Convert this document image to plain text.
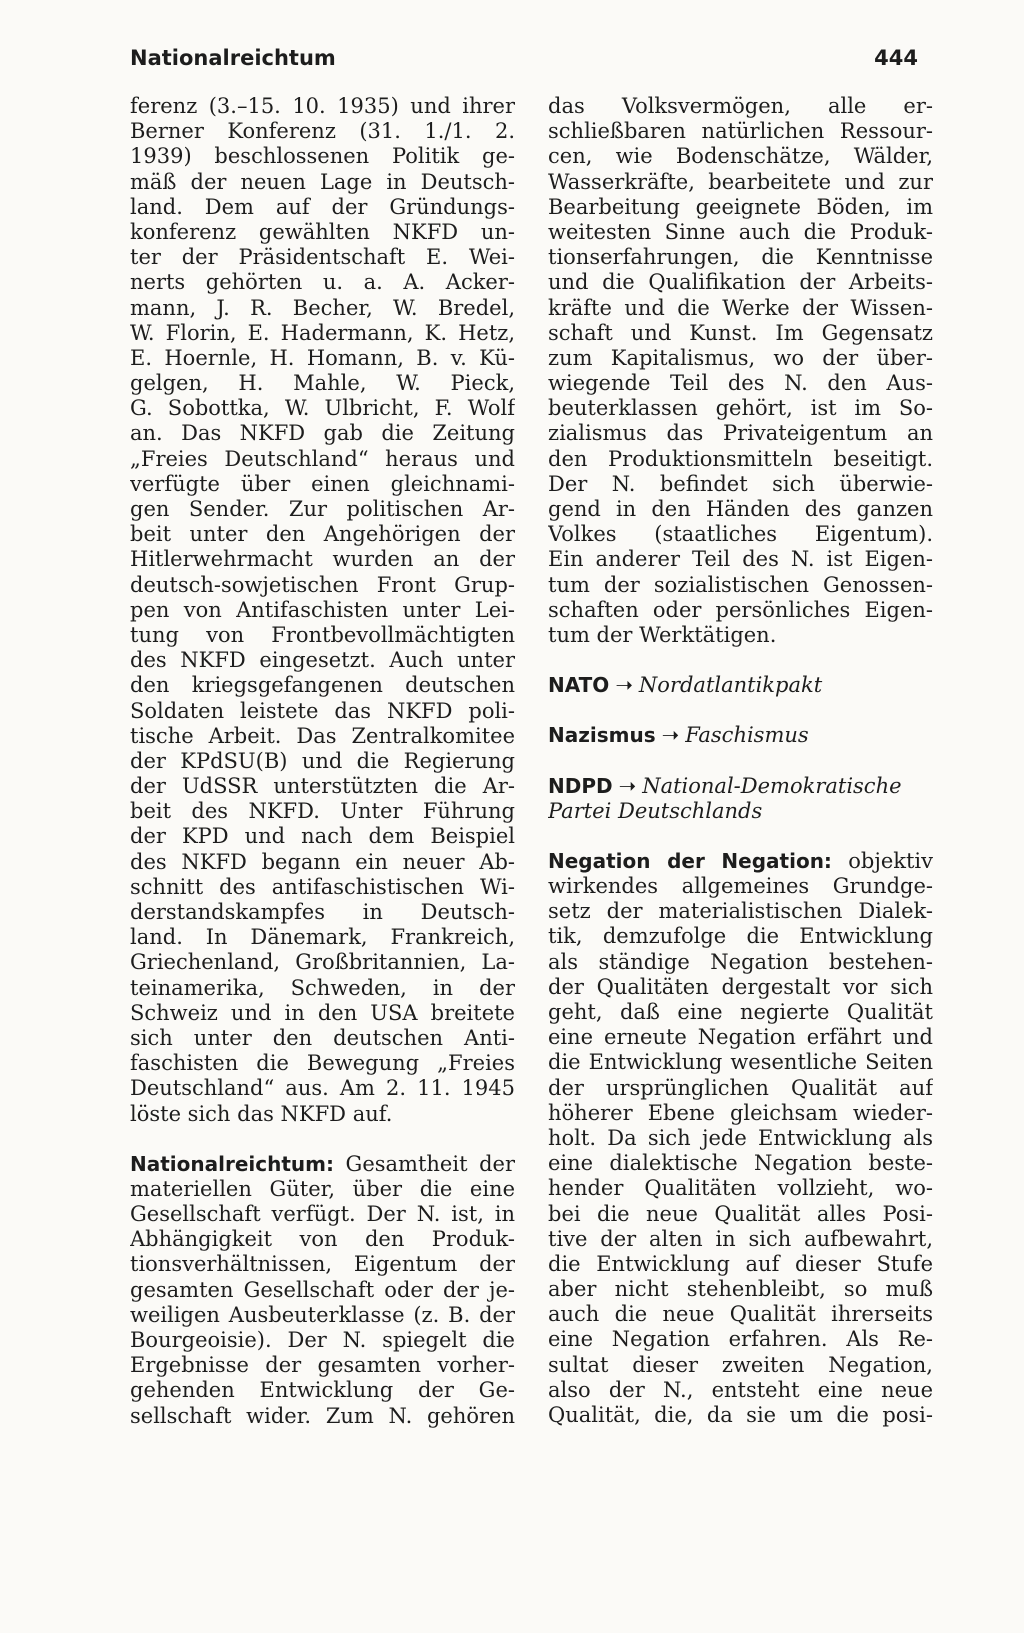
Nationalreichtum	444
ferenz (3.–15. 10. 1935) und ihrer
Berner Konferenz (31. 1./1. 2.
1939) beschlossenen Politik ge-
mäß der neuen Lage in Deutsch-
land. Dem auf der Gründungs-
konferenz gewählten NKFD un-
ter der Präsidentschaft E. Wei-
nerts gehörten u. a. A. Acker-
mann, J. R. Becher, W. Bredel,
W. Florin, E. Hadermann, K. Hetz,
E. Hoernle, H. Homann, B. v. Kü-
gelgen, H. Mahle, W. Pieck,
G. Sobottka, W. Ulbricht, F. Wolf
an. Das NKFD gab die Zeitung
„Freies Deutschland“ heraus und
verfügte über einen gleichnami-
gen Sender. Zur politischen Ar-
beit unter den Angehörigen der
Hitlerwehrmacht wurden an der
deutsch-sowjetischen Front Grup-
pen von Antifaschisten unter Lei-
tung von Frontbevollmächtigten
des NKFD eingesetzt. Auch unter
den kriegsgefangenen deutschen
Soldaten leistete das NKFD poli-
tische Arbeit. Das Zentralkomitee
der KPdSU(B) und die Regierung
der UdSSR unterstützten die Ar-
beit des NKFD. Unter Führung
der KPD und nach dem Beispiel
des NKFD begann ein neuer Ab-
schnitt des antifaschistischen Wi-
derstandskampfes in Deutsch-
land. In Dänemark, Frankreich,
Griechenland, Großbritannien, La-
teinamerika, Schweden, in der
Schweiz und in den USA breitete
sich unter den deutschen Anti-
faschisten die Bewegung „Freies
Deutschland“ aus. Am 2. 11. 1945
löste sich das NKFD auf.
Nationalreichtum: Gesamtheit der
materiellen Güter, über die eine
Gesellschaft verfügt. Der N. ist, in
Abhängigkeit von den Produk-
tionsverhältnissen, Eigentum der
gesamten Gesellschaft oder der je-
weiligen Ausbeuterklasse (z. B. der
Bourgeoisie). Der N. spiegelt die
Ergebnisse der gesamten vorher-
gehenden Entwicklung der Ge-
sellschaft wider. Zum N. gehören
das Volksvermögen, alle er-
schließbaren natürlichen Ressour-
cen, wie Bodenschätze, Wälder,
Wasserkräfte, bearbeitete und zur
Bearbeitung geeignete Böden, im
weitesten Sinne auch die Produk-
tionserfahrungen, die Kenntnisse
und die Qualifikation der Arbeits-
kräfte und die Werke der Wissen-
schaft und Kunst. Im Gegensatz
zum Kapitalismus, wo der über-
wiegende Teil des N. den Aus-
beuterklassen gehört, ist im So-
zialismus das Privateigentum an
den Produktionsmitteln beseitigt.
Der N. befindet sich überwie-
gend in den Händen des ganzen
Volkes (staatliches Eigentum).
Ein anderer Teil des N. ist Eigen-
tum der sozialistischen Genossen-
schaften oder persönliches Eigen-
tum der Werktätigen.
NATO ➝ Nordatlantikpakt
Nazismus ➝ Faschismus
NDPD ➝ National-Demokratische
Partei Deutschlands
Negation der Negation: objektiv
wirkendes allgemeines Grundge-
setz der materialistischen Dialek-
tik, demzufolge die Entwicklung
als ständige Negation bestehen-
der Qualitäten dergestalt vor sich
geht, daß eine negierte Qualität
eine erneute Negation erfährt und
die Entwicklung wesentliche Seiten
der ursprünglichen Qualität auf
höherer Ebene gleichsam wieder-
holt. Da sich jede Entwicklung als
eine dialektische Negation beste-
hender Qualitäten vollzieht, wo-
bei die neue Qualität alles Posi-
tive der alten in sich aufbewahrt,
die Entwicklung auf dieser Stufe
aber nicht stehenbleibt, so muß
auch die neue Qualität ihrerseits
eine Negation erfahren. Als Re-
sultat dieser zweiten Negation,
also der N., entsteht eine neue
Qualität, die, da sie um die posi-
